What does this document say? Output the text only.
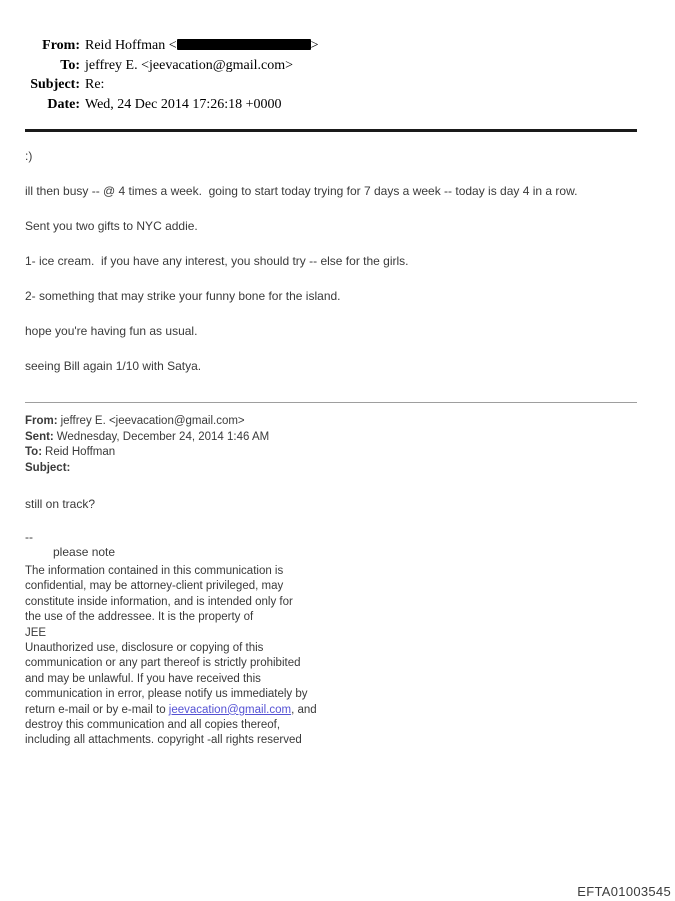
From: Reid Hoffman <	>
To: jeffrey E. <jeevacation@gmail.com>
Subject: Re:
Date: Wed, 24 Dec 2014 17:26:18 +0000

:)

ill then busy -- @ 4 times a week.  going to start today trying for 7 days a week -- today is day 4 in a row.

Sent you two gifts to NYC addie.

1- ice cream.  if you have any interest, you should try -- else for the girls.

2- something that may strike your funny bone for the island.

hope you're having fun as usual.

seeing Bill again 1/10 with Satya.

From: jeffrey E. <jeevacation@gmail.com>
Sent: Wednesday, December 24, 2014 1:46 AM
To: Reid Hoffman
Subject:
still on track?
--
please note
The information contained in this communication is
confidential, may be attorney-client privileged, may
constitute inside information, and is intended only for
the use of the addressee. It is the property of
JEE
Unauthorized use, disclosure or copying of this
communication or any part thereof is strictly prohibited
and may be unlawful. If you have received this
communication in error, please notify us immediately by
return e-mail or by e-mail to jeevacation@gmail.com, and
destroy this communication and all copies thereof,
including all attachments. copyright -all rights reserved
EFTA01003545
